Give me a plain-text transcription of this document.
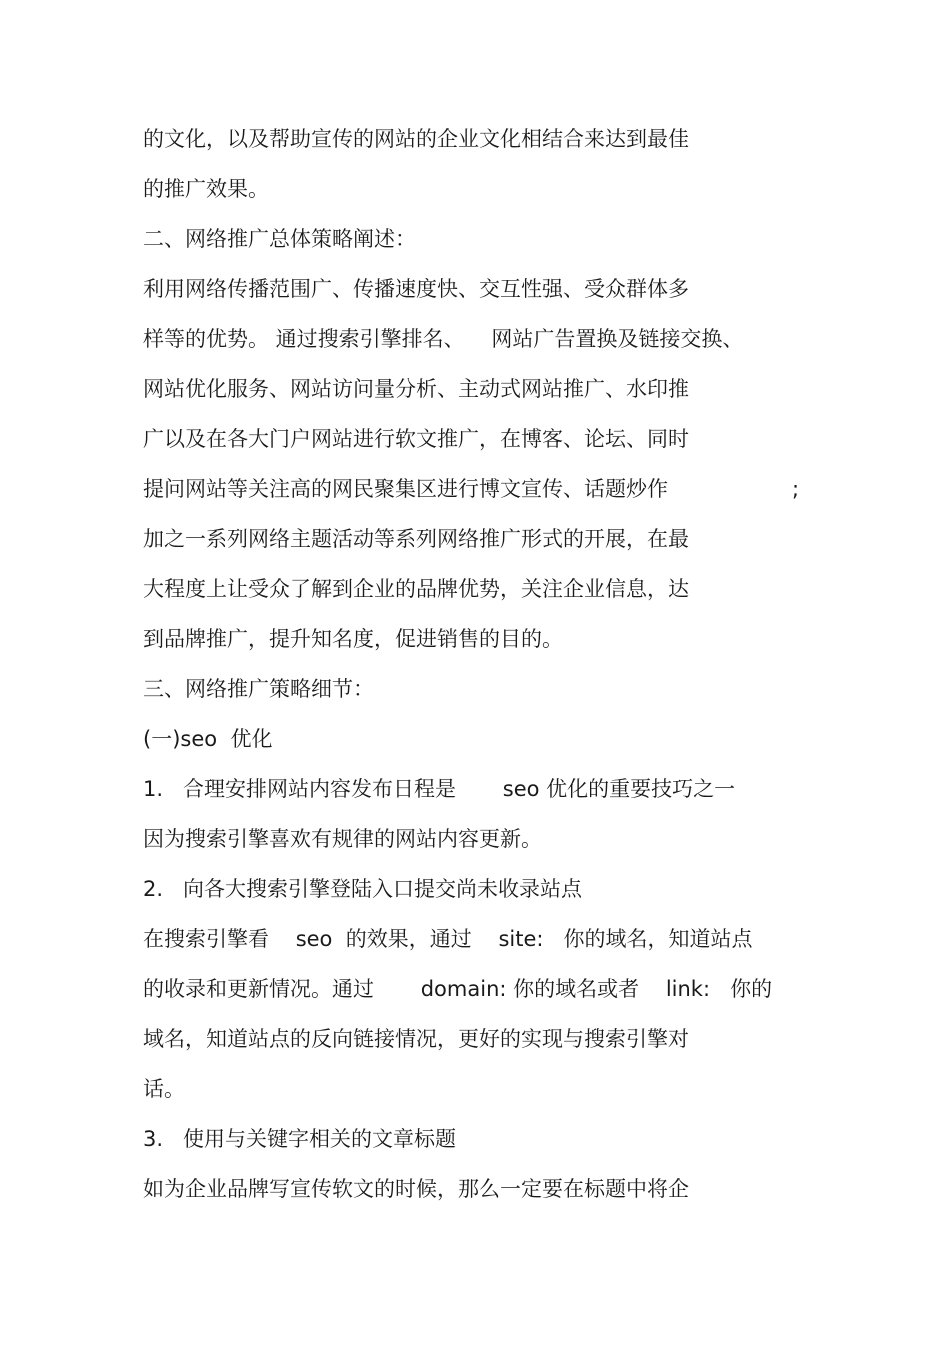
的文化，以及帮助宣传的网站的企业文化相结合来达到最佳
的推广效果。
二、网络推广总体策略阐述：
利用网络传播范围广、传播速度快、交互性强、受众群体多
样等的优势。 通过搜索引擎排名、    网站广告置换及链接交换、
网站优化服务、网站访问量分析、主动式网站推广、水印推
广以及在各大门户网站进行软文推广，在博客、论坛、同时
提问网站等关注高的网民聚集区进行博文宣传、话题炒作	;
加之一系列网络主题活动等系列网络推广形式的开展，在最
大程度上让受众了解到企业的品牌优势，关注企业信息，达
到品牌推广，提升知名度，促进销售的目的。
三、网络推广策略细节：
(一)seo  优化
1.   合理安排网站内容发布日程是       seo 优化的重要技巧之一
因为搜索引擎喜欢有规律的网站内容更新。
2.   向各大搜索引擎登陆入口提交尚未收录站点
在搜索引擎看    seo  的效果，通过    site:   你的域名，知道站点
的收录和更新情况。通过       domain: 你的域名或者    link:   你的
域名，知道站点的反向链接情况，更好的实现与搜索引擎对
话。
3.   使用与关键字相关的文章标题
如为企业品牌写宣传软文的时候，那么一定要在标题中将企
